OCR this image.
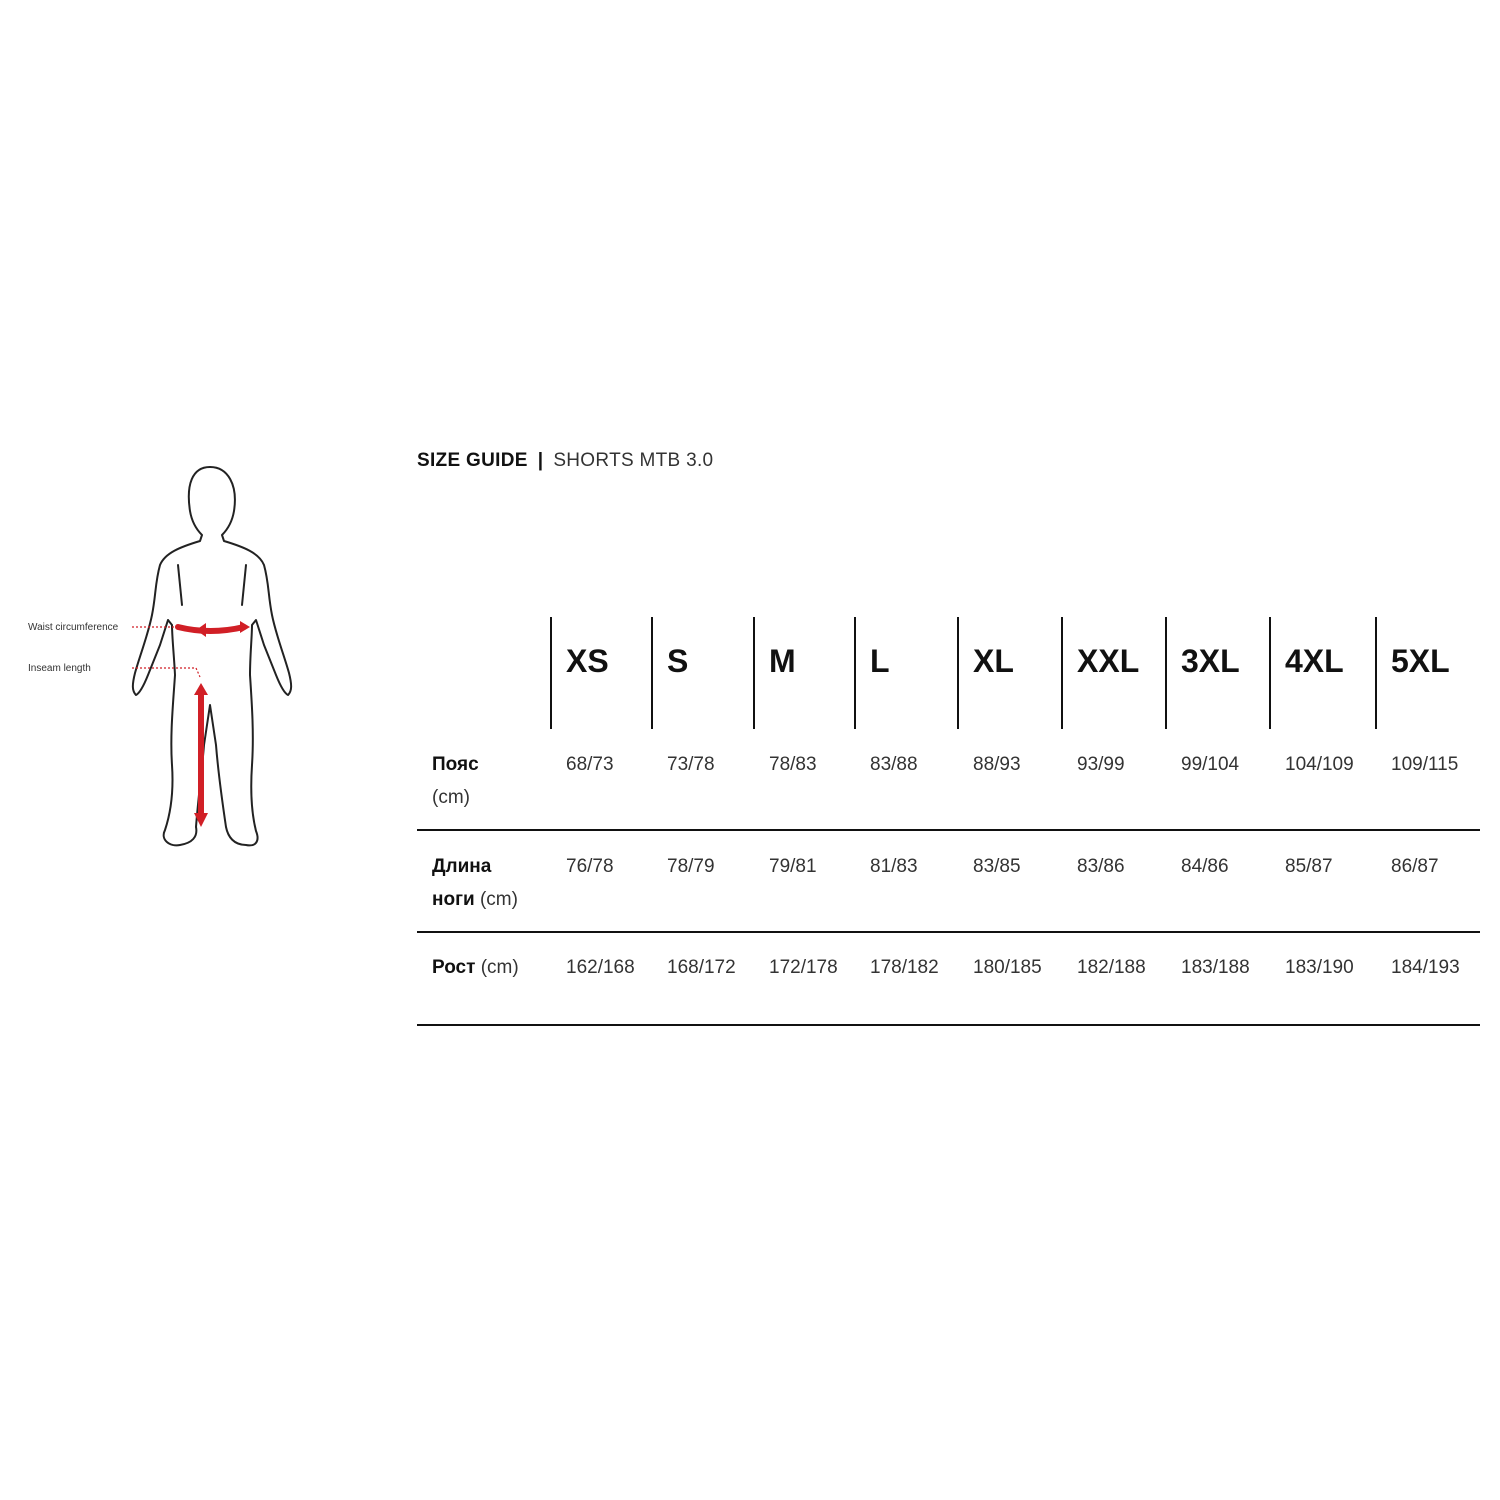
Waist circumference
Inseam length
SIZE GUIDE | SHORTS MTB 3.0
XS S	M L	XL XXL 3XL 4XL 5XL
Пояс
(cm)
68/73	73/78	78/83	83/88	88/93	93/99	99/104 104/109 109/115
Длина
ноги (cm)
76/78	78/79	79/81	81/83	83/85	83/86	84/86	85/87	86/87
Рост (cm) 162/168 168/172 172/178 178/182 180/185 182/188 183/188 183/190 184/193
